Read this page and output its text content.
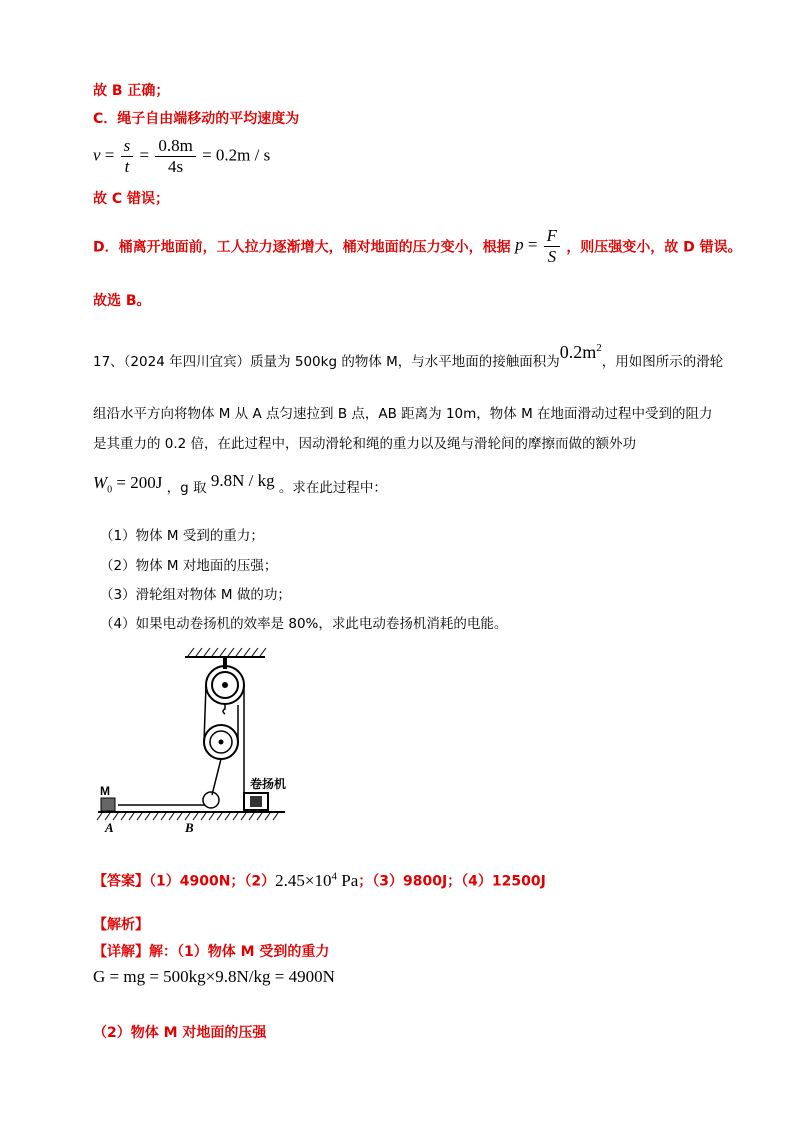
故 B 正确；
C．绳子自由端移动的平均速度为
$v = \frac{s}{t} = \frac{0.8m}{4s} = 0.2m / s$
故 C 错误；
D．桶离开地面前，工人拉力逐渐增大，桶对地面的压力变小，根据 $p = \frac{F}{S}$ ，则压强变小，故 D 错误。
故选 B。
17、（2024 年四川宜宾）质量为 500kg 的物体 M，与水平地面的接触面积为$0.2m^2$，用如图所示的滑轮
组沿水平方向将物体 M 从 A 点匀速拉到 B 点，AB 距离为 10m，物体 M 在地面滑动过程中受到的阻力
是其重力的 0.2 倍，在此过程中，因动滑轮和绳的重力以及绳与滑轮间的摩擦而做的额外功
$W_0 = 200J$ ，g 取 9.8N / kg 。求在此过程中：
（1）物体 M 受到的重力；
（2）物体 M 对地面的压强；
（3）滑轮组对物体 M 做的功；
（4）如果电动卷扬机的效率是 80%，求此电动卷扬机消耗的电能。
M
A	B
卷扬机
【答案】（1）4900N；$(2)2.45\times 10^4$ Pa；（3）9800J；（4）12500J
【解析】
【详解】解：（1）物体 M 受到的重力
G = mg = 500kg×9.8N/kg = 4900N
（2）物体 M 对地面的压强
